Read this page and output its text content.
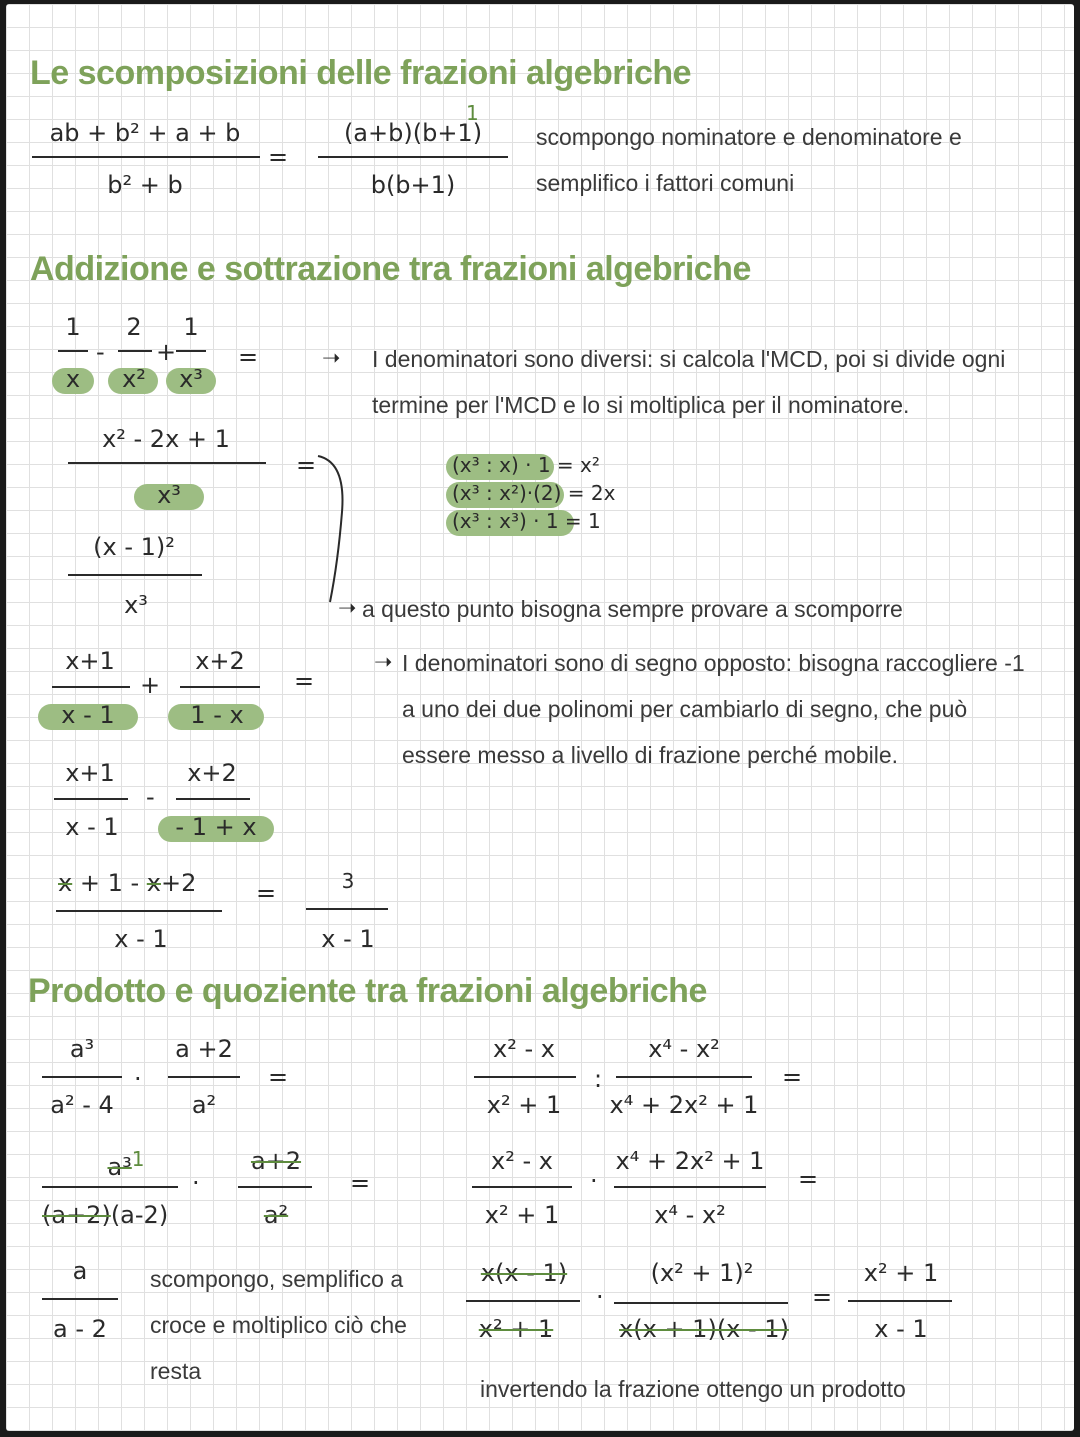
Le scomposizioni delle frazioni algebriche
ab + b² + a + b
b² + b
=
1
(a+b)(b+1)
b(b+1)
scompongo nominatore e denominatore e semplifico i fattori comuni
Addizione e sottrazione tra frazioni algebriche
1
x
-
2
x²
+
1
x³
=	➝ I denominatori sono diversi: si calcola l'MCD, poi si divide ogni termine per l'MCD e lo si moltiplica per il nominatore.
x² - 2x + 1
x³
=	(x³ : x) · 1 = x²
(x³ : x²)·(2) = 2x
(x³ : x³) · 1 = 1
(x - 1)²
x³	➝ a questo punto bisogna sempre provare a scomporre
x+1
x - 1
+
x+2
1 - x
=
➝ I denominatori sono di segno opposto: bisogna raccogliere -1 a uno dei due polinomi per cambiarlo di segno, che può essere messo a livello di frazione perché mobile.
x+1
x - 1
-
x+2
- 1 + x
x + 1 - x+2
x - 1
=	3
x - 1
Prodotto e quoziente tra frazioni algebriche
a³
a² - 4
·
a +2
a²
=
a³$^1$
(a+2)(a-2)
·
a+2
a²
=
a
a - 2
scompongo, semplifico a croce e moltiplico ciò che resta
x² - x
x² + 1
:
x⁴ - x²
x⁴ + 2x² + 1
=
x² - x
x² + 1
·
x⁴ + 2x² + 1
x⁴ - x²
=
x(x - 1)
x² + 1
·
(x² + 1)²
x(x + 1)(x - 1)
=
x² + 1
x - 1
invertendo la frazione ottengo un prodotto
